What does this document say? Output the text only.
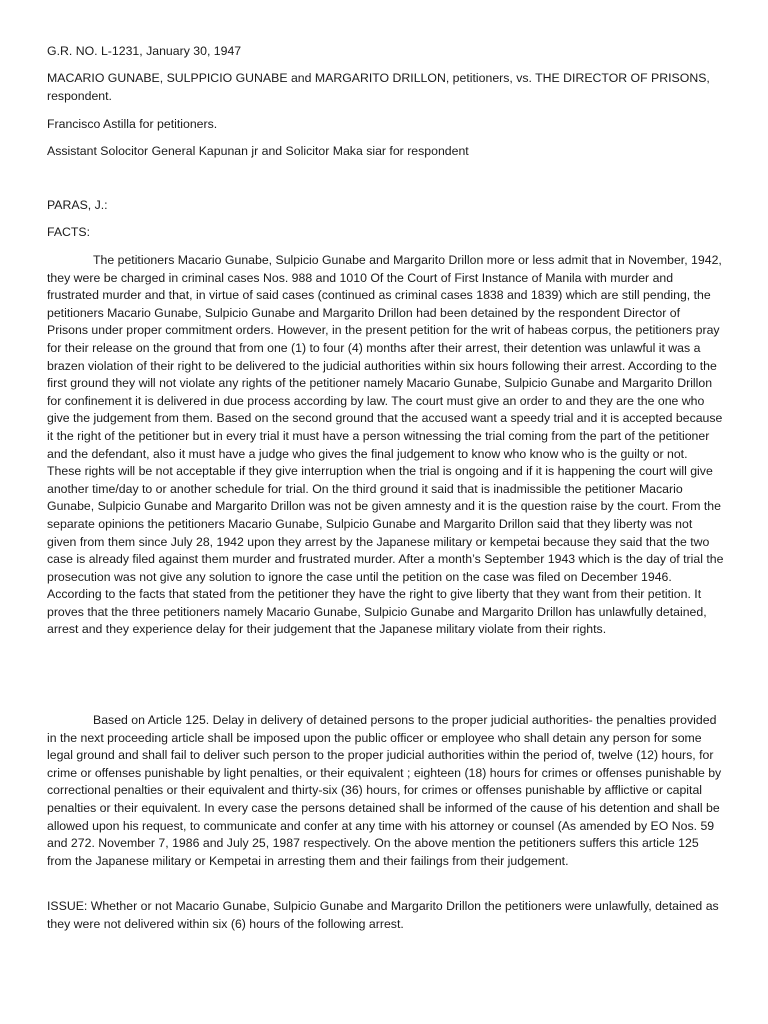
G.R. NO. L-1231, January 30, 1947

MACARIO GUNABE, SULPPICIO GUNABE and MARGARITO DRILLON, petitioners, vs. THE DIRECTOR OF PRISONS, respondent.

Francisco Astilla for petitioners.
Assistant Solocitor General Kapunan jr and Solicitor Maka siar for respondent
PARAS, J.:
FACTS:

The petitioners Macario Gunabe, Sulpicio Gunabe and Margarito Drillon more or less admit that in November, 1942, they were be charged in criminal cases Nos. 988 and 1010 Of the Court of First Instance of Manila with murder and frustrated murder and that, in virtue of said cases (continued as criminal cases 1838 and 1839) which are still pending, the petitioners Macario Gunabe, Sulpicio Gunabe and Margarito Drillon had been detained by the respondent Director of Prisons under proper commitment orders. However, in the present petition for the writ of habeas corpus, the petitioners pray for their release on the ground that from one (1) to four (4) months after their arrest, their detention was unlawful it was a brazen violation of their right to be delivered to the judicial authorities within six hours following their arrest. According to the first ground they will not violate any rights of the petitioner namely Macario Gunabe, Sulpicio Gunabe and Margarito Drillon for confinement it is delivered in due process according by law. The court must give an order to and they are the one who give the judgement from them. Based on the second ground that the accused want a speedy trial and it is accepted because it the right of the petitioner but in every trial it must have a person witnessing the trial coming from the part of the petitioner and the defendant, also it must have a judge who gives the final judgement to know who know who is the guilty or not. These rights will be not acceptable if they give interruption when the trial is ongoing and if it is happening the court will give another time/day to or another schedule for trial. On the third ground it said that is inadmissible the petitioner Macario Gunabe, Sulpicio Gunabe and Margarito Drillon was not be given amnesty and it is the question raise by the court. From the separate opinions the petitioners Macario Gunabe, Sulpicio Gunabe and Margarito Drillon said that they liberty was not given from them since July 28, 1942 upon they arrest by the Japanese military or kempetai because they said that the two case is already filed against them murder and frustrated murder. After a month’s September 1943 which is the day of trial the prosecution was not give any solution to ignore the case until the petition on the case was filed on December 1946. According to the facts that stated from the petitioner they have the right to give liberty that they want from their petition. It proves that the three petitioners namely Macario Gunabe, Sulpicio Gunabe and Margarito Drillon has unlawfully detained, arrest and they experience delay for their judgement that the Japanese military violate from their rights.

Based on Article 125. Delay in delivery of detained persons to the proper judicial authorities- the penalties provided in the next proceeding article shall be imposed upon the public officer or employee who shall detain any person for some legal ground and shall fail to deliver such person to the proper judicial authorities within the period of, twelve (12) hours, for crime or offenses punishable by light penalties, or their equivalent ; eighteen (18) hours for crimes or offenses punishable by correctional penalties or their equivalent and thirty-six (36) hours, for crimes or offenses punishable by afflictive or capital penalties or their equivalent. In every case the persons detained shall be informed of the cause of his detention and shall be allowed upon his request, to communicate and confer at any time with his attorney or counsel (As amended by EO Nos. 59 and 272. November 7, 1986 and July 25, 1987 respectively. On the above mention the petitioners suffers this article 125 from the Japanese military or Kempetai in arresting them and their failings from their judgement.

ISSUE: Whether or not Macario Gunabe, Sulpicio Gunabe and Margarito Drillon the petitioners were unlawfully, detained as they were not delivered within six (6) hours of the following arrest.
